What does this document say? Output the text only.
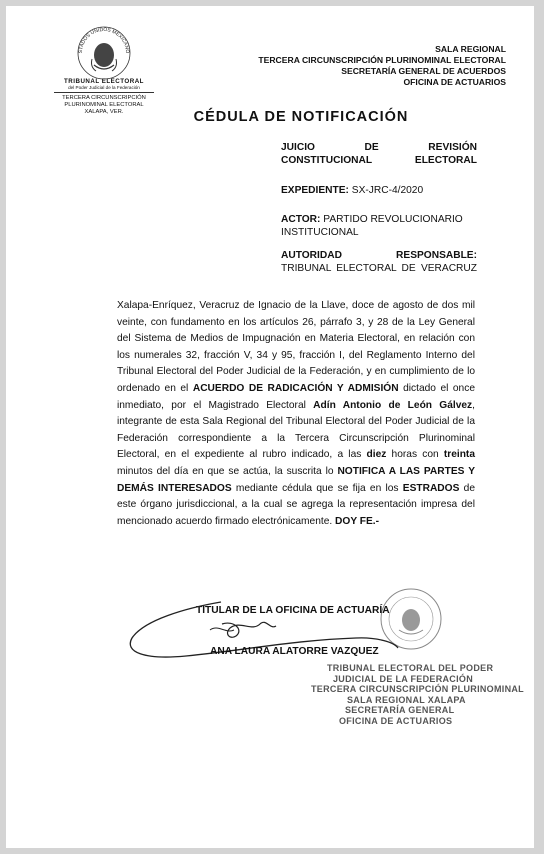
STADOS UNIDOS MEXICANO
TRIBUNAL ELECTORAL
del Poder Judicial de la Federación
TERCERA CIRCUNSCRIPCIÓN
PLURINOMINAL ELECTORAL
XALAPA, VER.
SALA REGIONAL
TERCERA CIRCUNSCRIPCIÓN PLURINOMINAL ELECTORAL
SECRETARÍA GENERAL DE ACUERDOS
OFICINA DE ACTUARIOS
CÉDULA DE NOTIFICACIÓN
JUICIO DE REVISIÓN CONSTITUCIONAL ELECTORAL
EXPEDIENTE: SX-JRC-4/2020
ACTOR: PARTIDO REVOLUCIONARIO INSTITUCIONAL
AUTORIDAD RESPONSABLE:
TRIBUNAL ELECTORAL DE VERACRUZ
Xalapa-Enríquez, Veracruz de Ignacio de la Llave, doce de agosto de dos mil veinte, con fundamento en los artículos 26, párrafo 3, y 28 de la Ley General del Sistema de Medios de Impugnación en Materia Electoral, en relación con los numerales 32, fracción V, 34 y 95, fracción I, del Reglamento Interno del Tribunal Electoral del Poder Judicial de la Federación, y en cumplimiento de lo ordenado en el ACUERDO DE RADICACIÓN Y ADMISIÓN dictado el once inmediato, por el Magistrado Electoral Adín Antonio de León Gálvez, integrante de esta Sala Regional del Tribunal Electoral del Poder Judicial de la Federación correspondiente a la Tercera Circunscripción Plurinominal Electoral, en el expediente al rubro indicado, a las diez horas con treinta minutos del día en que se actúa, la suscrita lo NOTIFICA A LAS PARTES Y DEMÁS INTERESADOS mediante cédula que se fija en los ESTRADOS de este órgano jurisdiccional, a la cual se agrega la representación impresa del mencionado acuerdo firmado electrónicamente. DOY FE.-
TITULAR DE LA OFICINA DE ACTUARÍA
ANA LAURA ALATORRE VAZQUEZ
TRIBUNAL ELECTORAL DEL PODER
JUDICIAL DE LA FEDERACIÓN
TERCERA CIRCUNSCRIPCIÓN PLURINOMINAL
SALA REGIONAL XALAPA
SECRETARÍA GENERAL
OFICINA DE ACTUARIOS
